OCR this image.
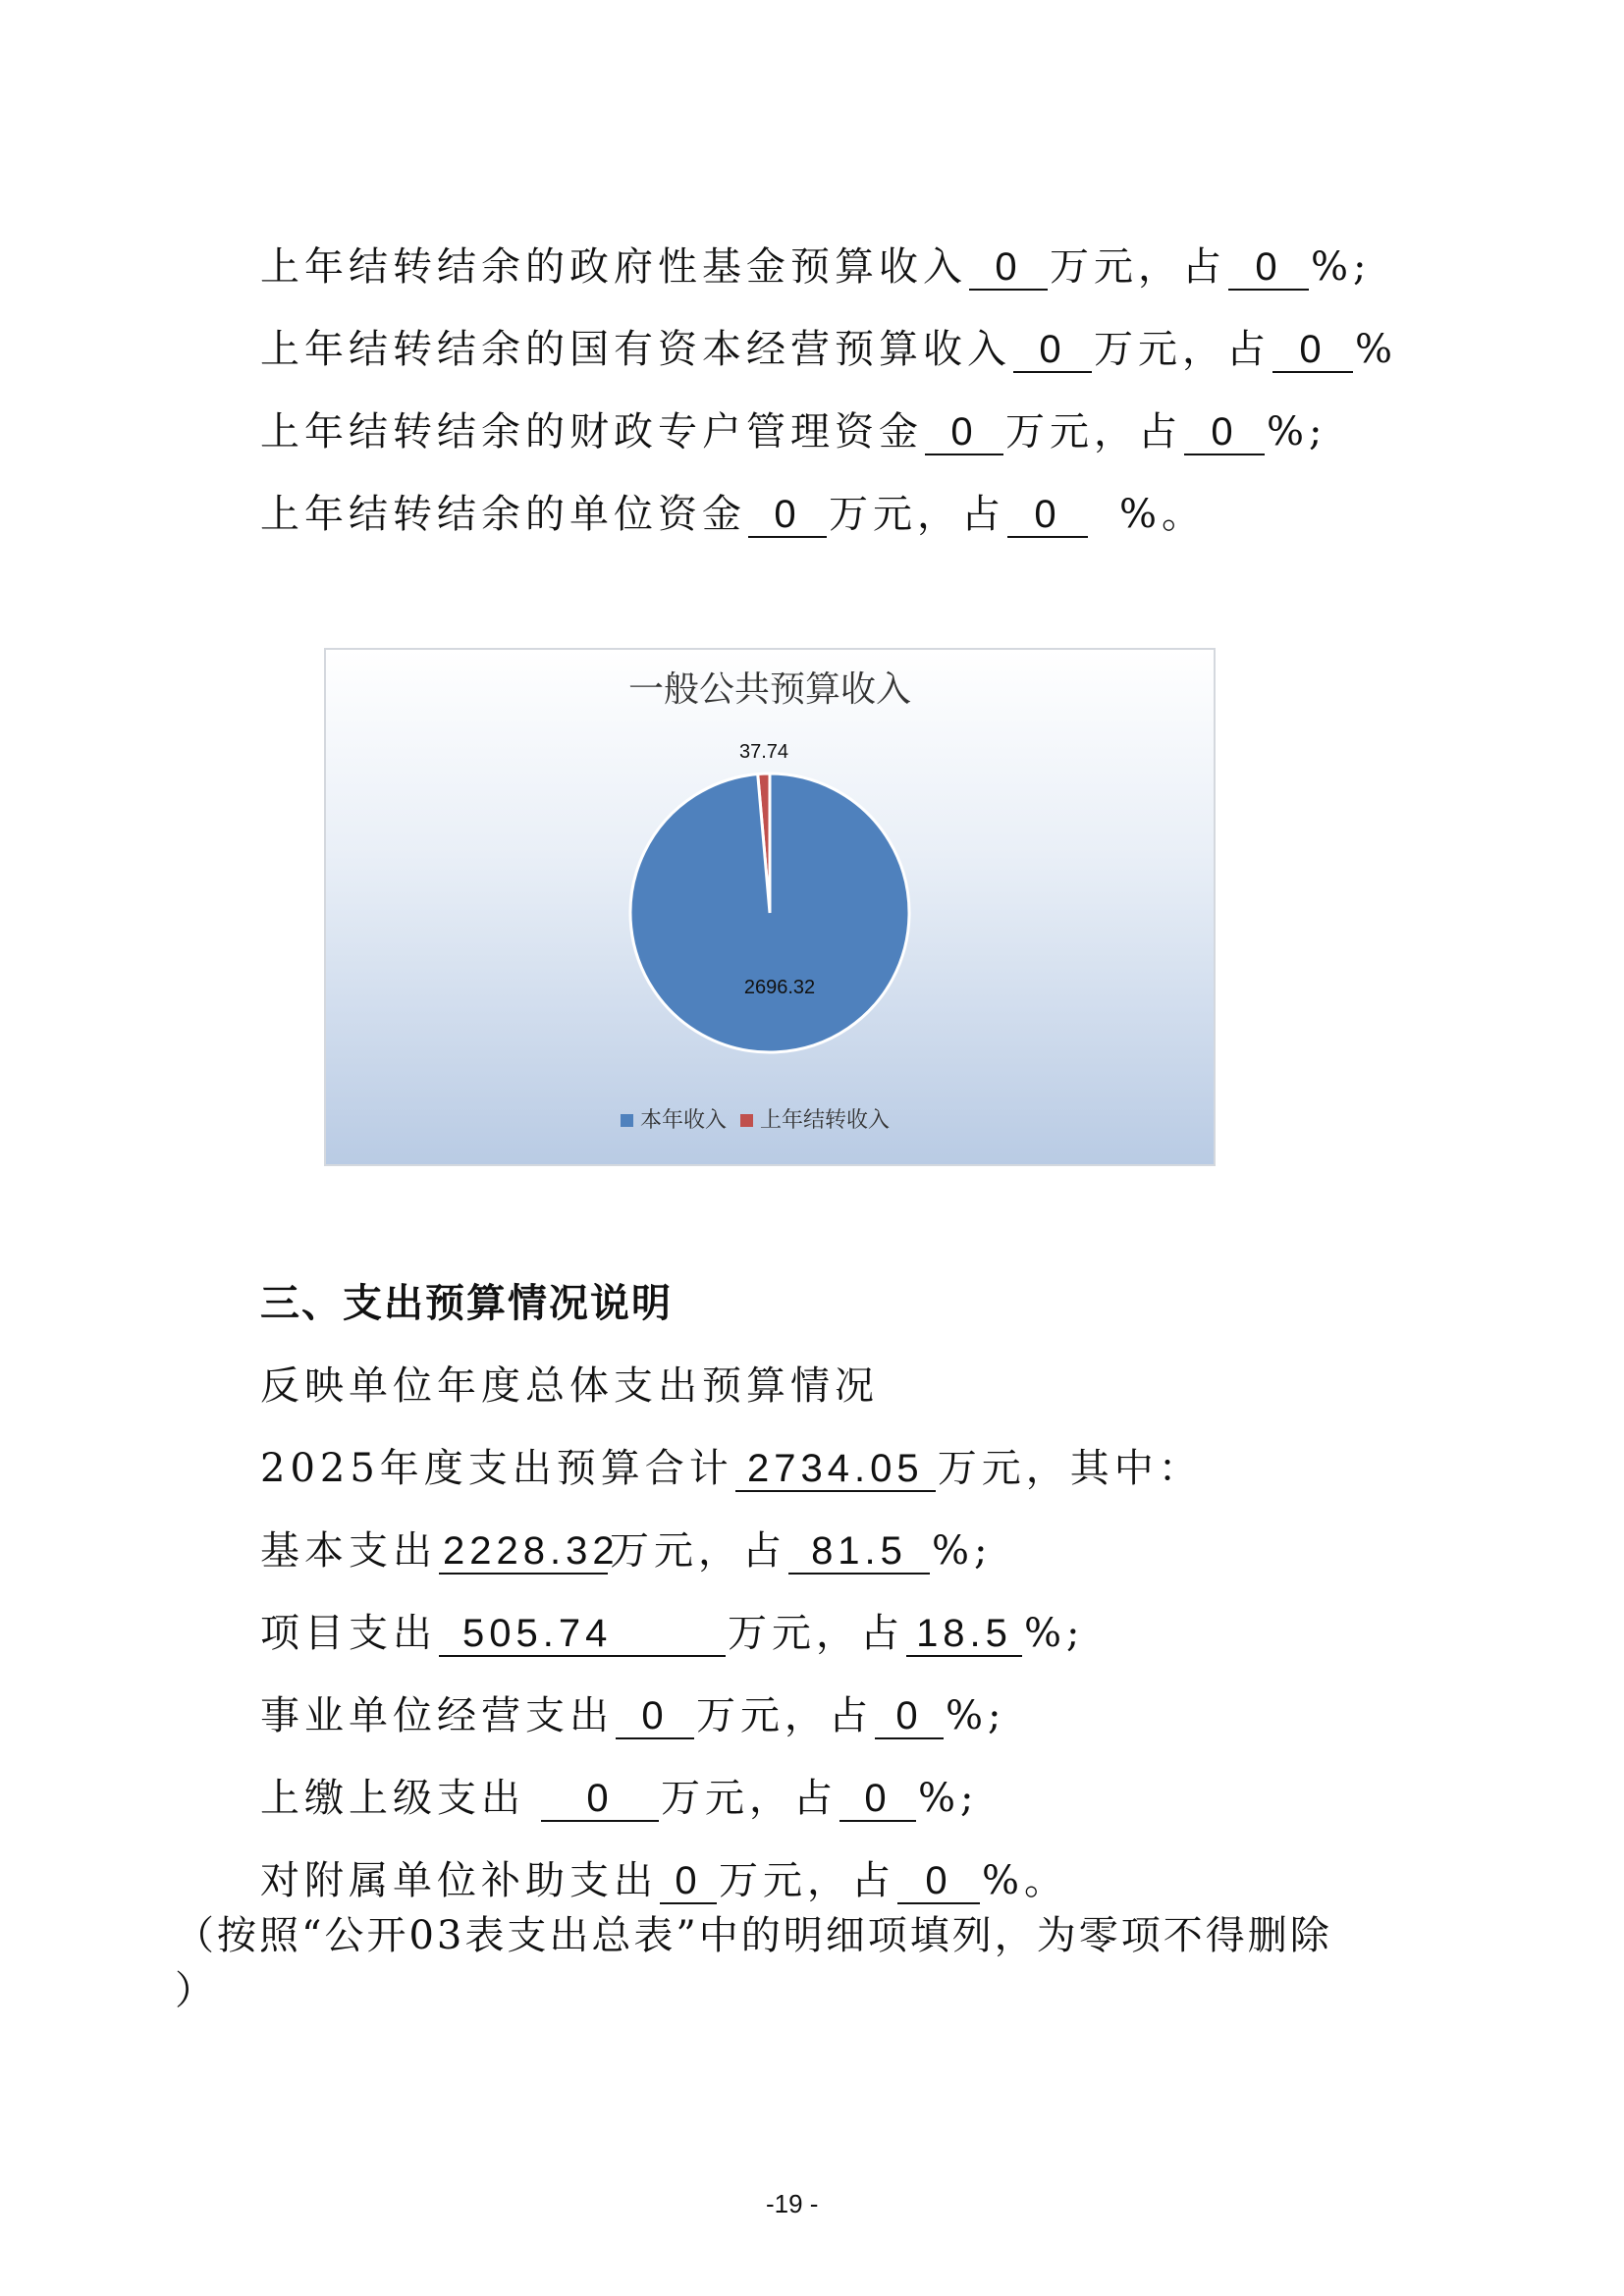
上年结转结余的政府性基金预算收入 0 万元，占 0 %;
上年结转结余的国有资本经营预算收入 0 万元，占 0 %
上年结转结余的财政专户管理资金 0 万元，占 0 %;
上年结转结余的单位资金 0 万元，占 0 %。
一般公共预算收入
2696.32
37.74
本年收入 上年结转收入
三、支出预算情况说明
反映单位年度总体支出预算情况
2025年度支出预算合计 2734.05 万元，其中：
基本支出 2228.32万元，占 81.5 %;
项目支出 505.74	万元，占 18.5 %;
事业单位经营支出 0 万元，占 0 %;
上缴上级支出 0 万元，占 0 %;
对附属单位补助支出 0 万元，占 0 %。
（按照“公开03表支出总表”中的明细项填列，为零项不得删除
）
-19 -
